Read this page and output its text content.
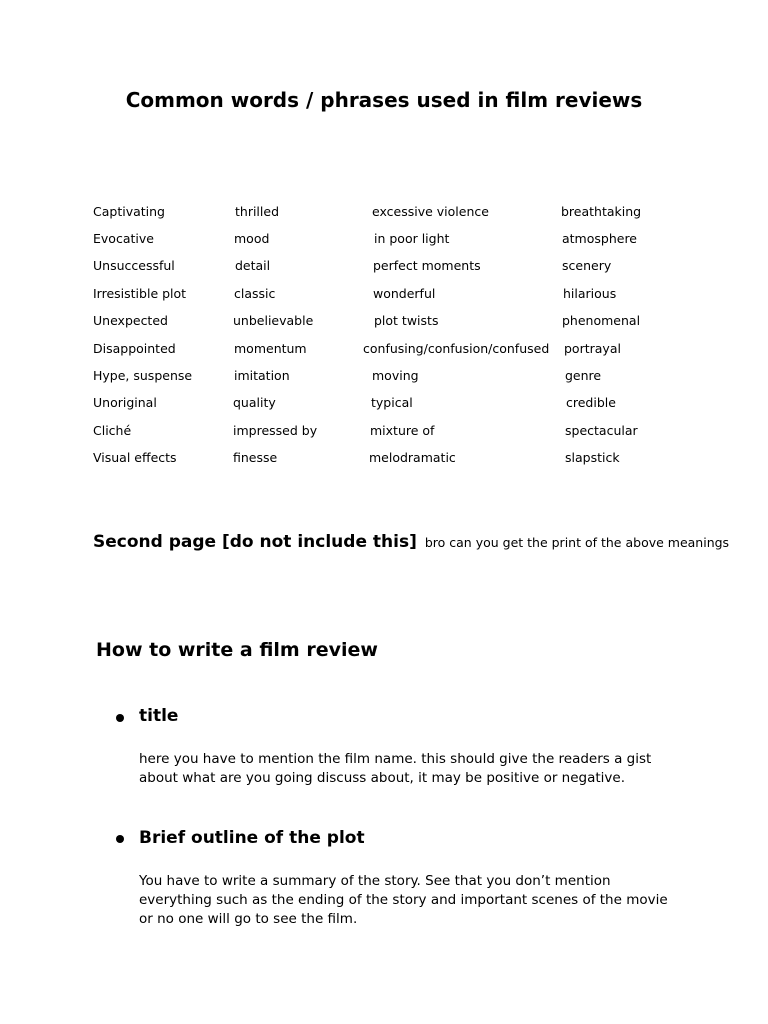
Common words / phrases used in film reviews
Captivating
Evocative
Unsuccessful
Irresistible plot
Unexpected
Disappointed
Hype, suspense
Unoriginal
Cliché
Visual effects
thrilled
mood
detail
classic
unbelievable
momentum
imitation
quality
impressed by
finesse
excessive violence
in poor light
perfect moments
wonderful
plot twists
confusing/confusion/confused
moving
typical
mixture of
melodramatic
breathtaking
atmosphere
scenery
hilarious
phenomenal
portrayal
genre
credible
spectacular
slapstick
Second page [do not include this] bro can you get the print of the above meanings
How to write a film review
title

here you have to mention the film name. this should give the readers a gist about what are you going discuss about, it may be positive or negative.

Brief outline of the plot

You have to write a summary of the story. See that you don’t mention everything such as the ending of the story and important scenes of the movie or no one will go to see the film.
